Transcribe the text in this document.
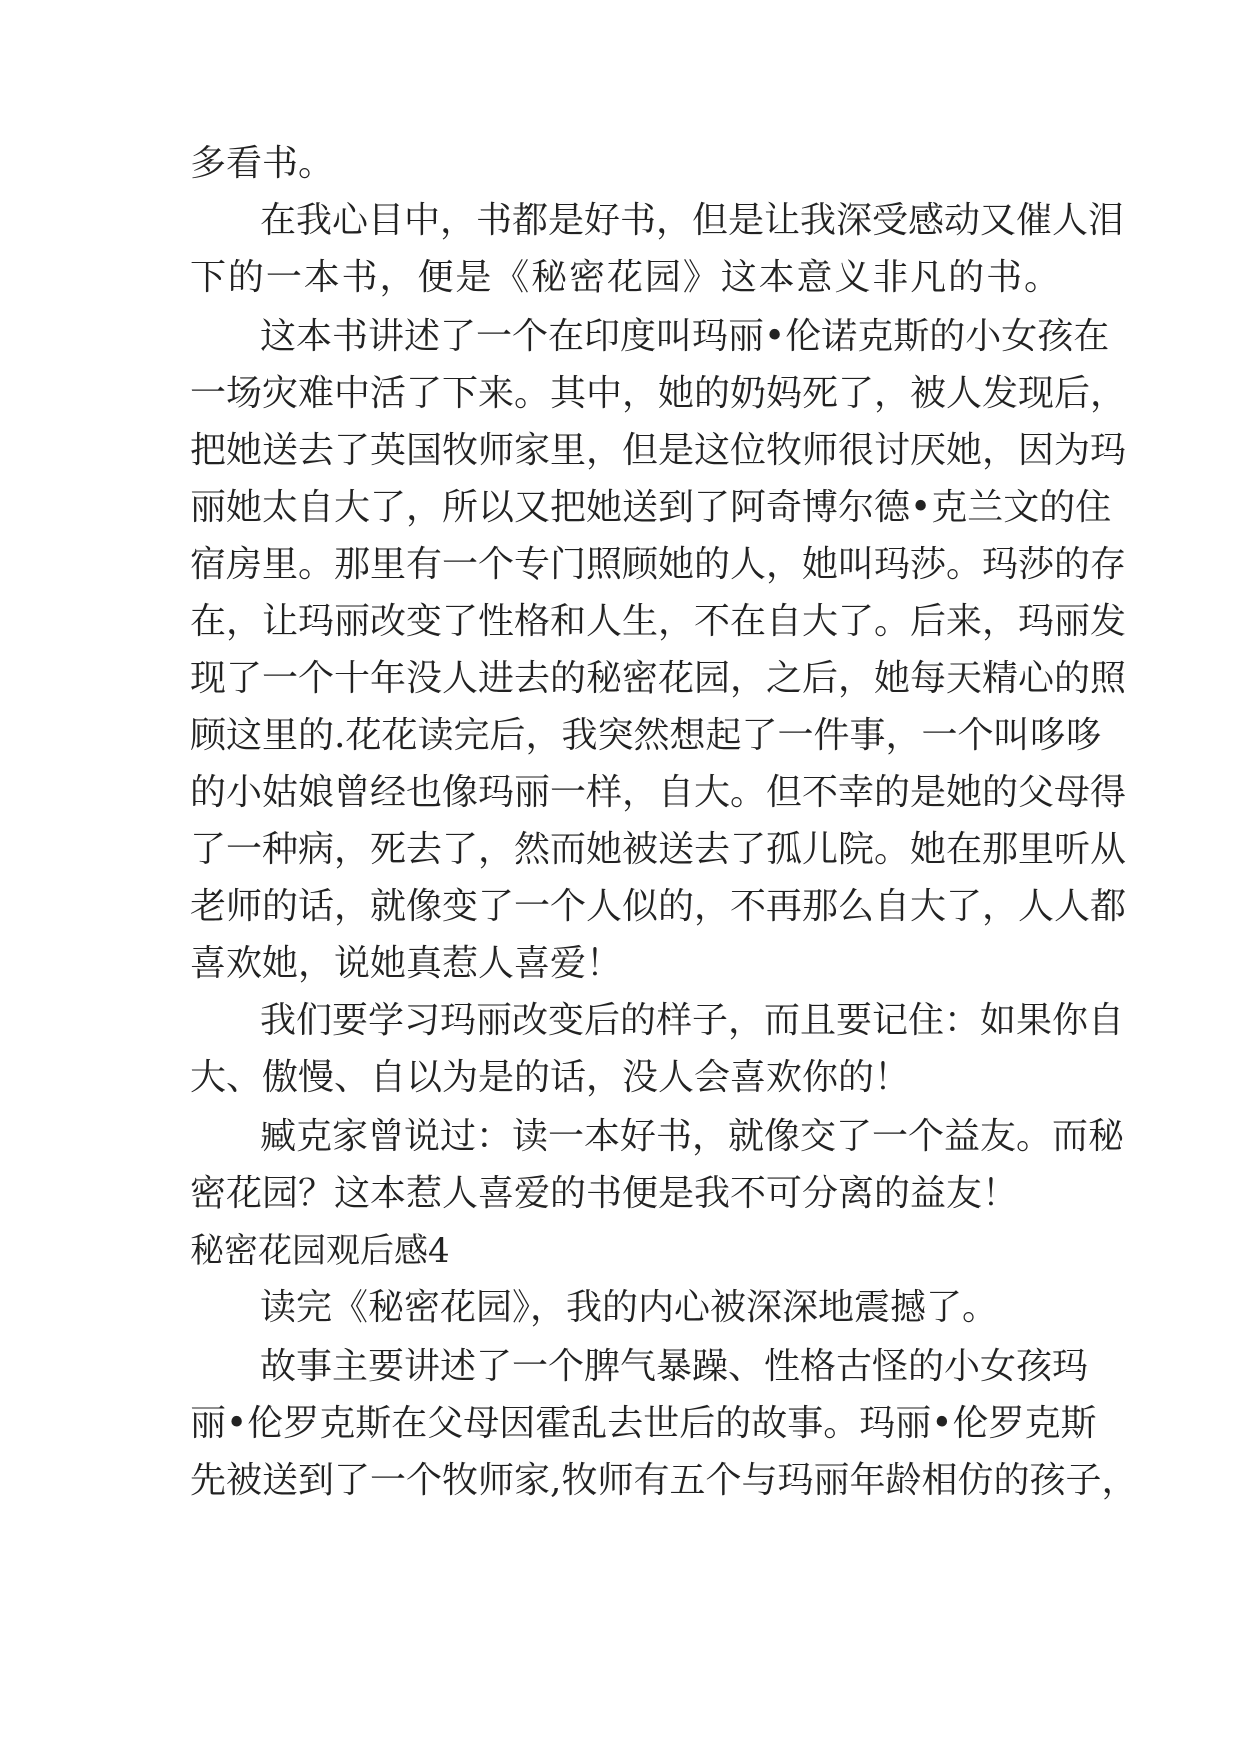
多看书。

在我心目中，书都是好书，但是让我深受感动又催人泪

下的一本书，便是《秘密花园》这本意义非凡的书。

这本书讲述了一个在印度叫玛丽•伦诺克斯的小女孩在

一场灾难中活了下来。其中，她的奶妈死了，被人发现后，

把她送去了英国牧师家里，但是这位牧师很讨厌她，因为玛

丽她太自大了，所以又把她送到了阿奇博尔德•克兰文的住

宿房里。那里有一个专门照顾她的人，她叫玛莎。玛莎的存

在，让玛丽改变了性格和人生，不在自大了。后来，玛丽发

现了一个十年没人进去的秘密花园，之后，她每天精心的照

顾这里的.花花读完后，我突然想起了一件事，一个叫哆哆

的小姑娘曾经也像玛丽一样，自大。但不幸的是她的父母得

了一种病，死去了，然而她被送去了孤儿院。她在那里听从

老师的话，就像变了一个人似的，不再那么自大了，人人都

喜欢她，说她真惹人喜爱！

我们要学习玛丽改变后的样子，而且要记住：如果你自

大、傲慢、自以为是的话，没人会喜欢你的！

臧克家曾说过：读一本好书，就像交了一个益友。而秘

密花园？这本惹人喜爱的书便是我不可分离的益友！

秘密花园观后感4

读完《秘密花园》，我的内心被深深地震撼了。

故事主要讲述了一个脾气暴躁、性格古怪的小女孩玛

丽•伦罗克斯在父母因霍乱去世后的故事。玛丽•伦罗克斯

先被送到了一个牧师家,牧师有五个与玛丽年龄相仿的孩子，
